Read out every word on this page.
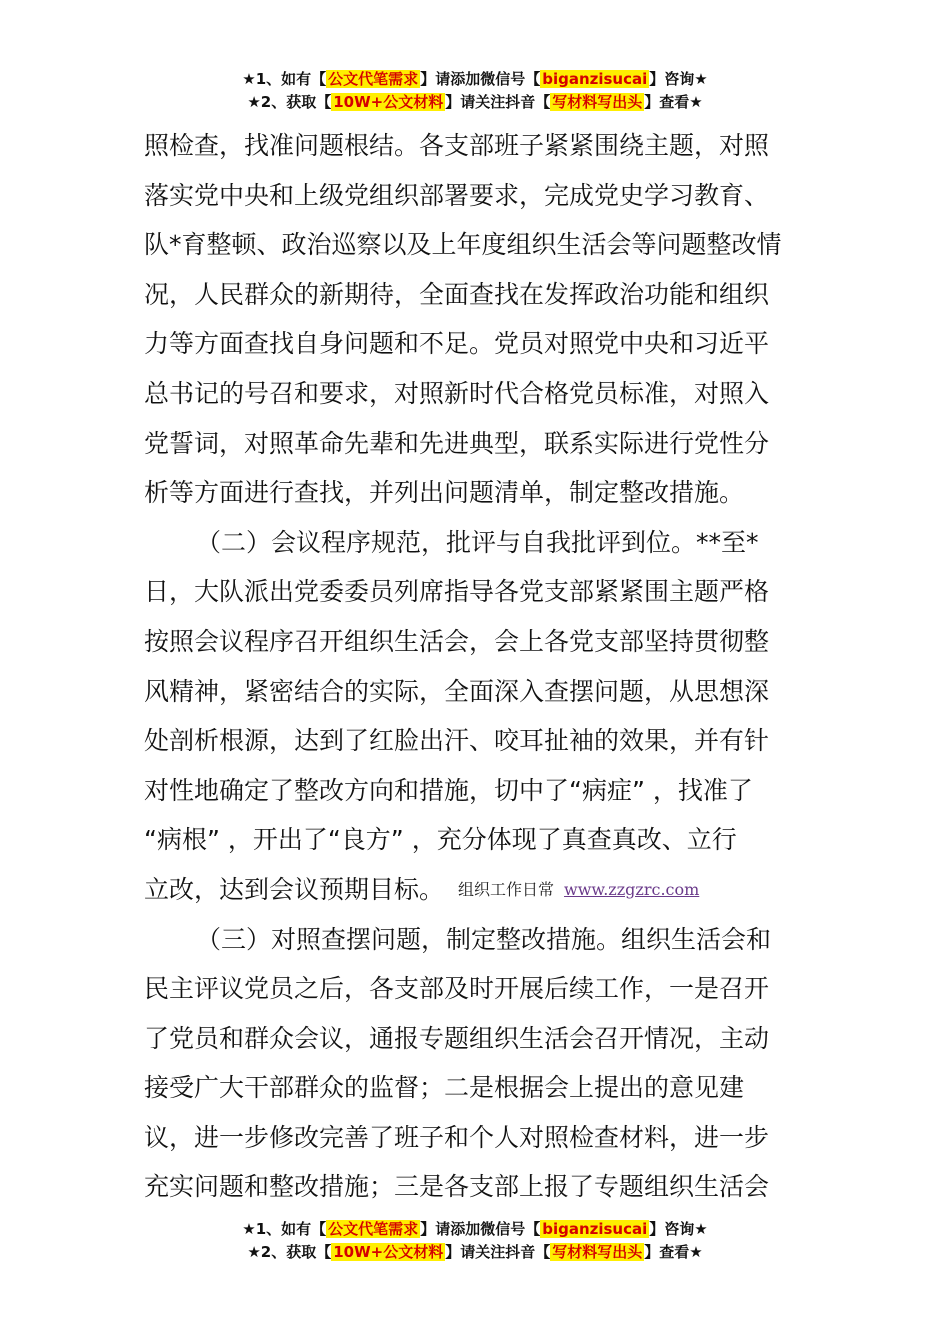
★1、如有【 公文代笔需求 】请添加微信号【 biganzisucai 】咨询★
★2、获取【 10W+公文材料 】请关注抖音【 写材料写出头 】查看★
照检查，找准问题根结。各支部班子紧紧围绕主题，对照
落实党中央和上级党组织部署要求，完成党史学习教育、
队*育整顿、政治巡察以及上年度组织生活会等问题整改情
况，人民群众的新期待，全面查找在发挥政治功能和组织
力等方面查找自身问题和不足。党员对照党中央和习近平
总书记的号召和要求，对照新时代合格党员标准，对照入
党誓词，对照革命先辈和先进典型，联系实际进行党性分
析等方面进行查找，并列出问题清单，制定整改措施。
（二）会议程序规范，批评与自我批评到位。**至*
日，大队派出党委委员列席指导各党支部紧紧围主题严格
按照会议程序召开组织生活会，会上各党支部坚持贯彻整
风精神，紧密结合的实际，全面深入查摆问题，从思想深
处剖析根源，达到了红脸出汗、咬耳扯袖的效果，并有针
对性地确定了整改方向和措施，切中了“病症” ，找准了
“病根” ，开出了“良方” ，充分体现了真查真改、立行
立改，达到会议预期目标。 组织工作日常 www.zzgzrc.com
（三）对照查摆问题，制定整改措施。组织生活会和
民主评议党员之后，各支部及时开展后续工作，一是召开
了党员和群众会议，通报专题组织生活会召开情况，主动
接受广大干部群众的监督；二是根据会上提出的意见建
议，进一步修改完善了班子和个人对照检查材料，进一步
充实问题和整改措施；三是各支部上报了专题组织生活会
★1、如有【 公文代笔需求 】请添加微信号【 biganzisucai 】咨询★
★2、获取【 10W+公文材料 】请关注抖音【 写材料写出头 】查看★
